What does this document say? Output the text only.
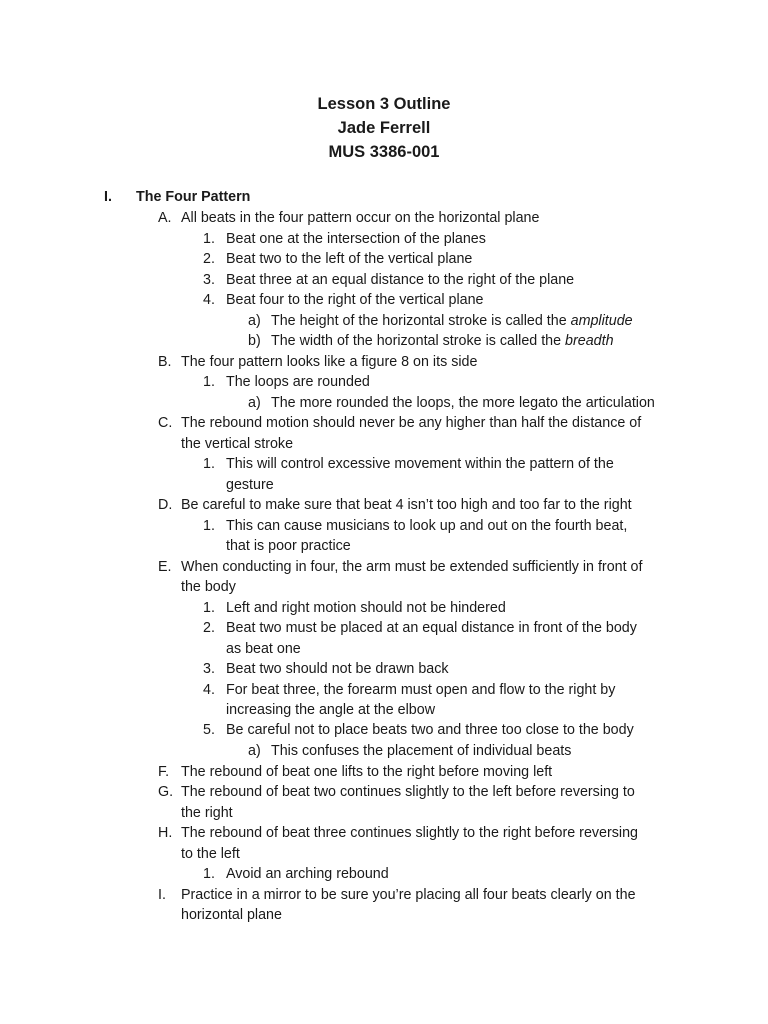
Lesson 3 Outline
Jade Ferrell
MUS 3386-001
I. The Four Pattern
A. All beats in the four pattern occur on the horizontal plane
1. Beat one at the intersection of the planes
2. Beat two to the left of the vertical plane
3. Beat three at an equal distance to the right of the plane
4. Beat four to the right of the vertical plane
a) The height of the horizontal stroke is called the amplitude
b) The width of the horizontal stroke is called the breadth
B. The four pattern looks like a figure 8 on its side
1. The loops are rounded
a) The more rounded the loops, the more legato the articulation
C. The rebound motion should never be any higher than half the distance of
the vertical stroke
1. This will control excessive movement within the pattern of the
gesture
D. Be careful to make sure that beat 4 isn’t too high and too far to the right
1. This can cause musicians to look up and out on the fourth beat,
that is poor practice
E. When conducting in four, the arm must be extended sufficiently in front of
the body
1. Left and right motion should not be hindered
2. Beat two must be placed at an equal distance in front of the body
as beat one
3. Beat two should not be drawn back
4. For beat three, the forearm must open and flow to the right by
increasing the angle at the elbow
5. Be careful not to place beats two and three too close to the body
a) This confuses the placement of individual beats
F. The rebound of beat one lifts to the right before moving left
G. The rebound of beat two continues slightly to the left before reversing to
the right
H. The rebound of beat three continues slightly to the right before reversing
to the left
1. Avoid an arching rebound
I. Practice in a mirror to be sure you’re placing all four beats clearly on the
horizontal plane
